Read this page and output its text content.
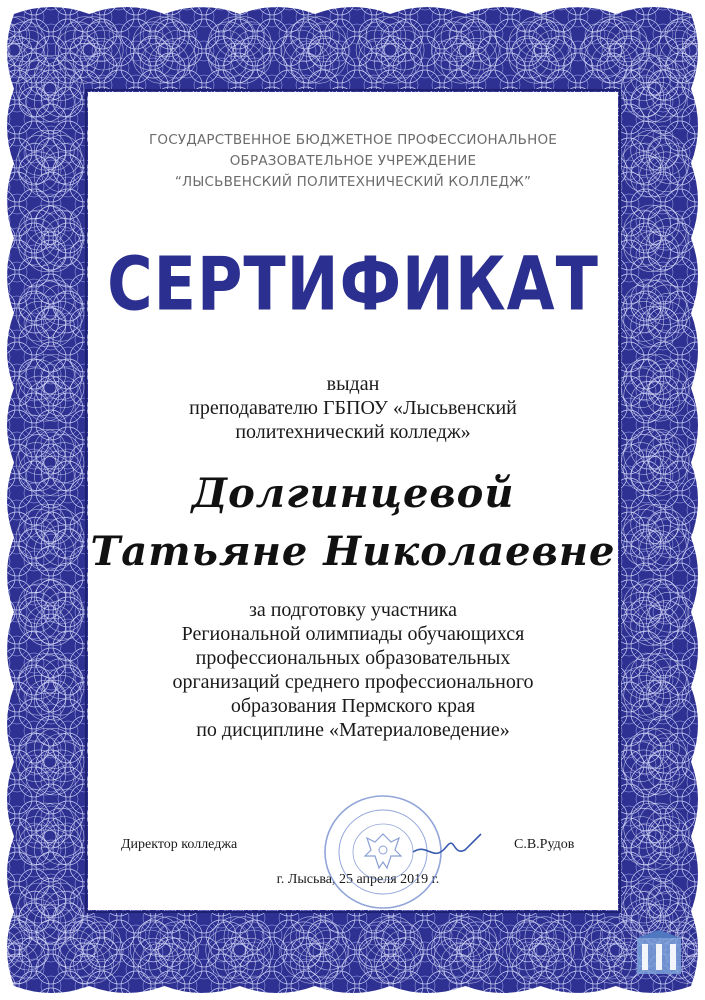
ГОСУДАРСТВЕННОЕ БЮДЖЕТНОЕ ПРОФЕССИОНАЛЬНОЕ
ОБРАЗОВАТЕЛЬНОЕ УЧРЕЖДЕНИЕ
“ЛЫСЬВЕНСКИЙ ПОЛИТЕХНИЧЕСКИЙ КОЛЛЕДЖ”
СЕРТИФИКАТ
выдан
преподавателю ГБПОУ «Лысьвенский
политехнический колледж»
Долгинцевой
Татьяне Николаевне
за подготовку участника
Региональной олимпиады обучающихся
профессиональных образовательных
организаций среднего профессионального
образования Пермского края
по дисциплине «Материаловедение»
Директор колледжа	С.В.Рудов
г. Лысьва, 25 апреля 2019 г.
